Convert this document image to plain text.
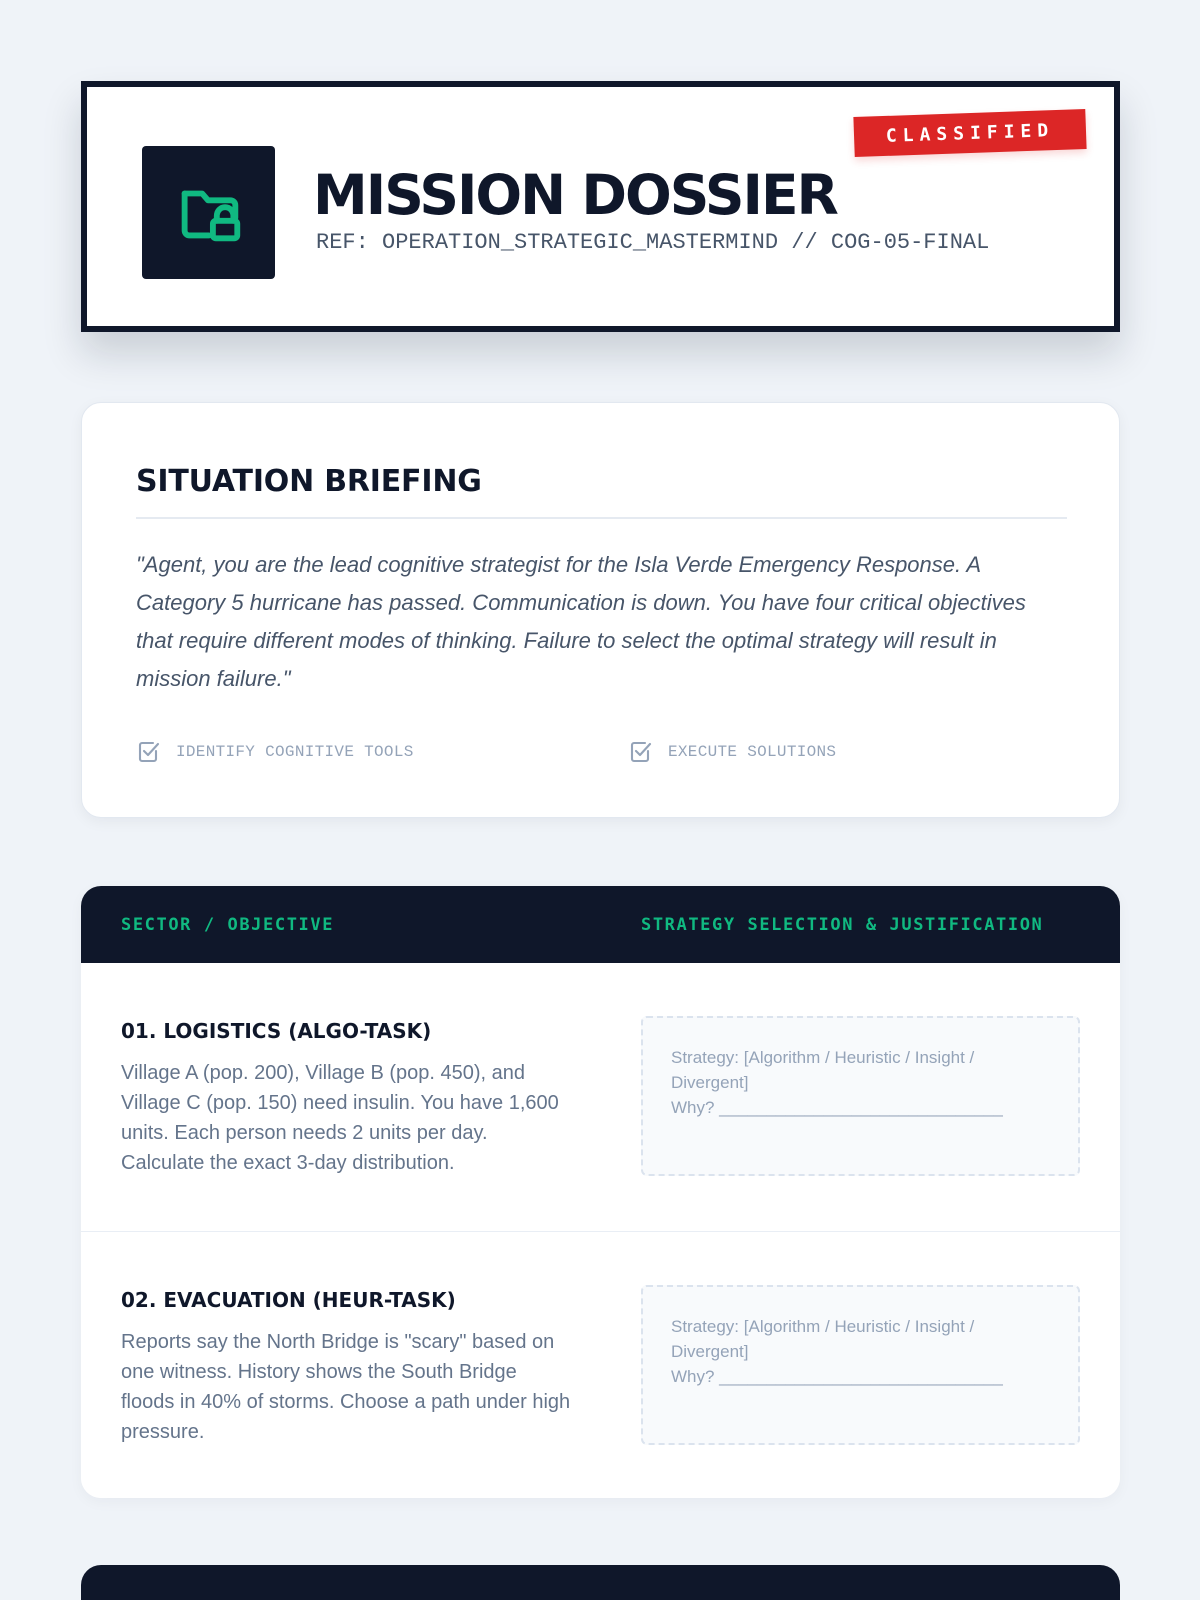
MISSION DOSSIER
REF: OPERATION_STRATEGIC_MASTERMIND // COG-05-FINAL
CLASSIFIED
SITUATION BRIEFING

"Agent, you are the lead cognitive strategist for the Isla Verde Emergency Response. A Category 5 hurricane has passed. Communication is down. You have four critical objectives that require different modes of thinking. Failure to select the optimal strategy will result in mission failure."

IDENTIFY COGNITIVE TOOLS	EXECUTE SOLUTIONS
SECTOR / OBJECTIVE	STRATEGY SELECTION & JUSTIFICATION
01. LOGISTICS (ALGO-TASK)

Village A (pop. 200), Village B (pop. 450), and Village C (pop. 150) need insulin. You have 1,600 units. Each person needs 2 units per day. Calculate the exact 3-day distribution.

Strategy: [Algorithm / Heuristic / Insight / Divergent]
Why? ______________________________
02. EVACUATION (HEUR-TASK)

Reports say the North Bridge is "scary" based on one witness. History shows the South Bridge floods in 40% of storms. Choose a path under high pressure.

Strategy: [Algorithm / Heuristic / Insight / Divergent]
Why? ______________________________
